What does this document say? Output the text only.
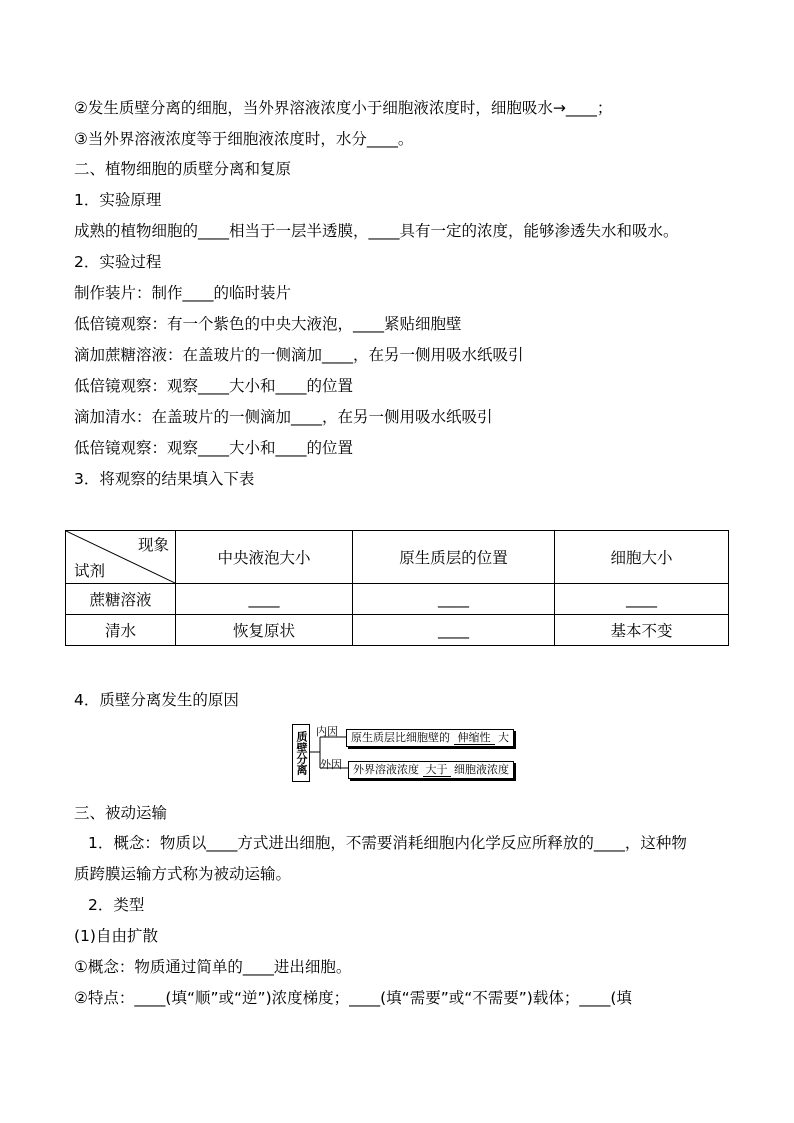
②发生质壁分离的细胞，当外界溶液浓度小于细胞液浓度时，细胞吸水→____；
③当外界溶液浓度等于细胞液浓度时，水分____。
二、植物细胞的质壁分离和复原
1．实验原理
成熟的植物细胞的____相当于一层半透膜，____具有一定的浓度，能够渗透失水和吸水。
2．实验过程
制作装片：制作____的临时装片
低倍镜观察：有一个紫色的中央大液泡，____紧贴细胞壁
滴加蔗糖溶液：在盖玻片的一侧滴加____，在另一侧用吸水纸吸引
低倍镜观察：观察____大小和____的位置
滴加清水：在盖玻片的一侧滴加____，在另一侧用吸水纸吸引
低倍镜观察：观察____大小和____的位置
3．将观察的结果填入下表
现象
试剂	中央液泡大小	原生质层的位置	细胞大小
蔗糖溶液	____	____	____
清水	恢复原状	____	基本不变
4．质壁分离发生的原因
质壁分离 内因
外因
原生质层比细胞壁的 伸缩性 大
外界溶液浓度 大于 细胞液浓度
三、被动运输
1．概念：物质以____方式进出细胞，不需要消耗细胞内化学反应所释放的____，这种物
质跨膜运输方式称为被动运输。
2．类型
(1)自由扩散
①概念：物质通过简单的____进出细胞。
②特点：____(填“顺”或“逆”)浓度梯度；____(填“需要”或“不需要”)载体；____(填
